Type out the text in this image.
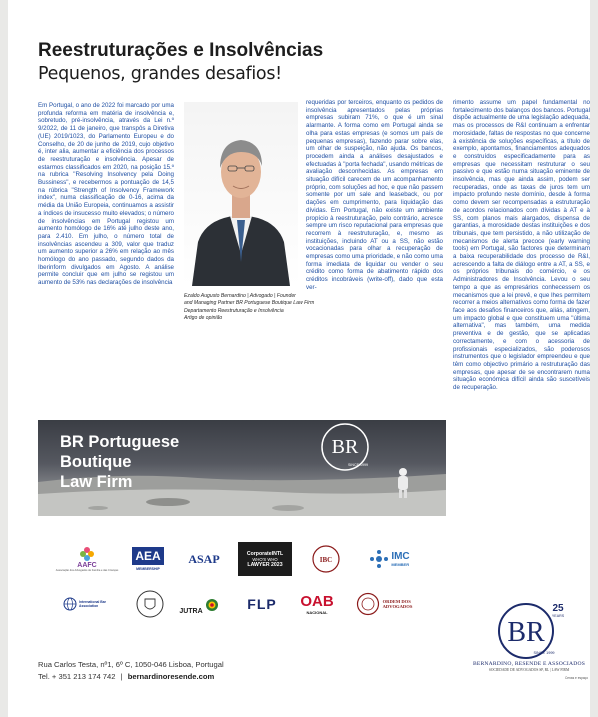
Reestruturações e Insolvências
Pequenos, grandes desafios!
Em Portugal, o ano de 2022 foi marcado por uma profunda reforma em matéria de insolvência e, sobretudo, pré-insolvência, através da Lei n.º 9/2022, de 11 de janeiro, que transpôs a Diretiva (UE) 2019/1023, do Parlamento Europeu e do Conselho, de 20 de junho de 2019, cujo objetivo é, inter alia, aumentar a eficiência dos processos de reestruturação e insolvência. Apesar de estarmos classificados em 2020, na posição 15.º na rubrica "Resolving Insolvency pela Doing Bussiness", e recebermos a pontuação de 14,5 na rúbrica "Strength of Insolvency Framework index", numa classificação de 0-16, acima da média da União Europeia, continuamos a assistir a índices de insucesso muito elevados; o número de insolvências em Portugal registou um aumento homólogo de 16% até julho deste ano, para 2.410. Em julho, o número total de insolvências ascendeu a 309, valor que traduz um aumento superior a 26% em relação ao mês homólogo do ano passado, segundo dados da Iberinform divulgados em Agosto. A análise permite concluir que em julho se registou um aumento de 53% nas declarações de insolvência
Ezaldo Augusto Bernardino | Advogado | Founder
and Managing Partner BR Portuguese Boutique Law Firm
Departamento Reestruturação e Insolvência
Artigo de opinião
requeridas por terceiros, enquanto os pedidos de insolvência apresentados pelas próprias empresas subiram 71%, o que é um sinal alarmante. A forma como em Portugal ainda se olha para estas empresas (e somos um país de pequenas empresas), fazendo parar sobre elas, um olhar de suspeição, não ajuda. Os bancos, procedem ainda a análises desajustados e efectuadas à "porta fechada", usando métricas de avaliação desconhecidas. As empresas em situação difícil carecem de um acompanhamento próprio, com soluções ad hoc, e que não passem somente por um sale and leaseback, ou por dações em cumprimento, para liquidação das dívidas. Em Portugal, não existe um ambiente propício à reestruturação, pelo contrário, acresce sempre um risco reputacional para empresas que recorrem à reestruturação, e, mesmo as instituições, incluindo AT ou a SS, não estão vocacionadas para olhar a recuperação de empresas como uma prioridade, e não como uma forma imediata de liquidar ou vender o seu crédito como forma de abatimento rápido dos créditos incobráveis (write-off), dado que esta ver-
rimento assume um papel fundamental no fortalecimento dos balanços dos bancos. Portugal dispõe actualmente de uma legislação adequada, mas os processos de R&I continuam a enfrentar morosidade, faltas de respostas no que concerne à existência de soluções específicas, a título de exemplo, apontamos, financiamentos adequados e construídos especificadamente para as empresas que necessitam restruturar o seu passivo e que estão numa situação eminente de insolvência, mas que ainda assim, podem ser recuperadas, onde as taxas de juros tem um impacto profundo neste domínio, desde à forma como devem ser recompensadas a estruturação de acordos relacionados com dívidas à AT e à SS, com planos mais alargados, dispensa de garantias, a morosidade destas instituições e dos tribunais, que tem persistido, a não utilização de mecanismos de alerta precoce (early warning tools) em Portugal, são factores que determinam a baixa recuperabilidade dos processo de R&I, acrescendo a falta de diálogo entre a AT, a SS, e os próprios tribunais do comércio, e os Administradores de Insolvência. Levou o seu tempo a que as empresários conhecessem os mecanismos que a lei prevê, e que lhes permitem recorrer a meios alternativos como forma de fazer face aos desafios financeiros que, aliás, atingem, um impacto global e que constituem uma "última alternativa", mas também, uma medida preventiva e de gestão, que se aplicadas correctamente, e com o acessoria de profissionais especializados, são poderosos instrumentos que o legislador empreendeu e que têm como objectivo primário a restruturação das empresas, que apesar de se encontrarem numa situação económica difícil ainda são suscetíveis de recuperação.
BR Portuguese
Boutique
Law Firm
BR
SINCE 1999
AAFC
Associação dos Advogados de Família e das Crianças
AEA
MEMBERSHIP
ASAP	CorporateINTL
WHO'S WHO
LAWYER 2023
IBC	IMC
MEMBER
International Bar Association
JUTRA	FLP OAB
NACIONAL
ORDEM DOS
ADVOGADOS
Rua Carlos Testa, nº1, 6º C, 1050-046 Lisboa, Portugal
Tel. + 351 213 174 742 | bernardinoresende.com
BR
25
YEARS
SINCE 1999
BERNARDINO, RESENDE E ASSOCIADOS
SOCIEDADE DE ADVOGADOS SP, RL | LAW FIRM
Cenas e espaço
